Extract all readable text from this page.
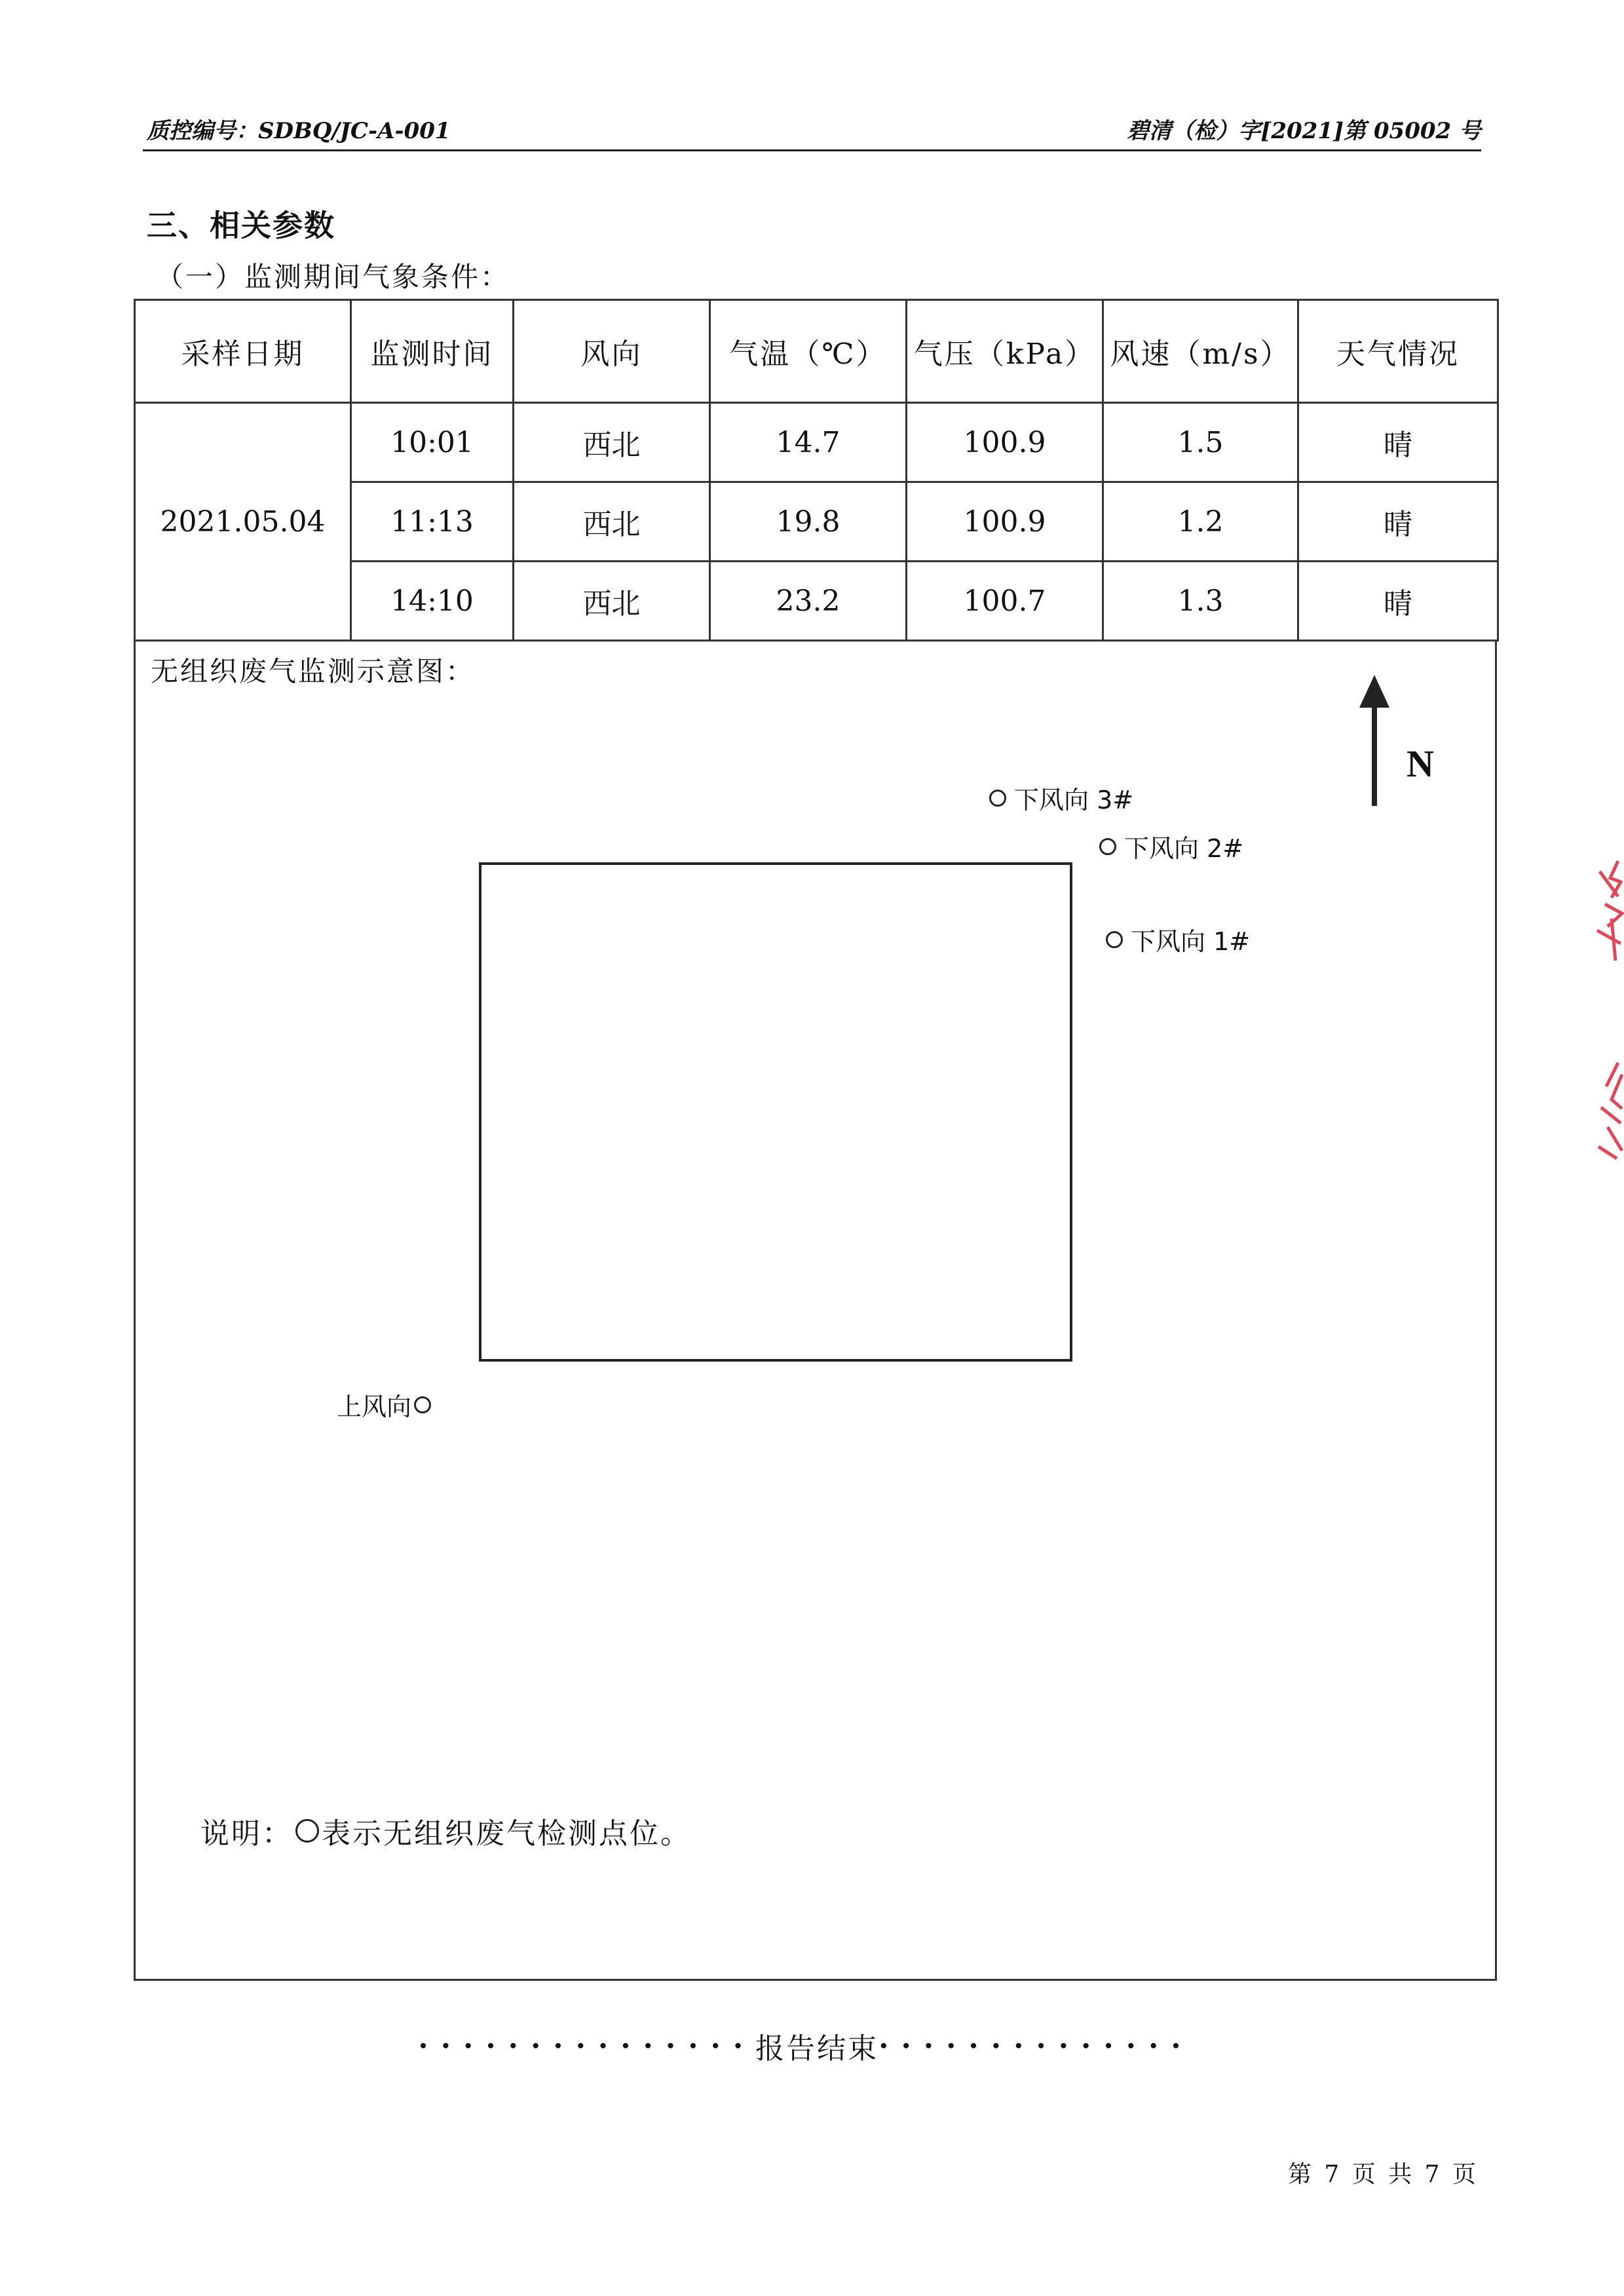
质控编号：SDBQ/JC-A-001	碧清（检）字[2021]第 05002 号
三、相关参数
（一）监测期间气象条件：
采样日期	监测时间	风向	气温（℃）	气压（kPa）	风速（m/s）	天气情况
2021.05.04	10:01	西北	14.7	100.9	1.5	晴
	11:13	西北	19.8	100.9	1.2	晴
	14:10	西北	23.2	100.7	1.3	晴
无组织废气监测示意图：
N
下风向 3#
下风向 2#
下风向 1#
上风向
说明： 表示无组织废气检测点位。
··············· 报告结束 ··············
第 7 页 共 7 页
